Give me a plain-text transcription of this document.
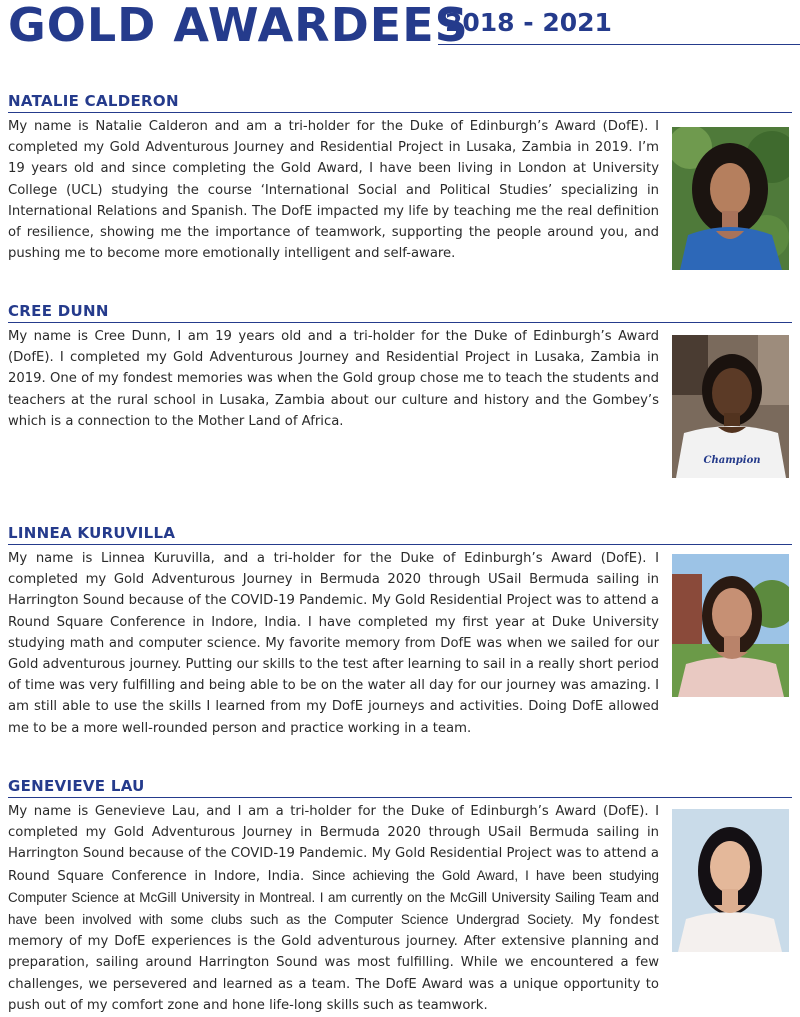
GOLD AWARDEES
2018 - 2021
NATALIE CALDERON

My name is Natalie Calderon and am a tri-holder for the Duke of Edinburgh’s Award (DofE). I completed my Gold Adventurous Journey and Residential Project in Lusaka, Zambia in 2019. I’m 19 years old and since completing the Gold Award, I have been living in London at University College (UCL) studying the course ‘International Social and Political Studies’ specializing in International Relations and Spanish. The DofE impacted my life by teaching me the real definition of resilience, showing me the importance of teamwork, supporting the people around you, and pushing me to become more emotionally intelligent and self-aware.

CREE DUNN

My name is Cree Dunn, I am 19 years old and a tri-holder for the Duke of Edinburgh’s Award (DofE). I completed my Gold Adventurous Journey and Residential Project in Lusaka, Zambia in 2019. One of my fondest memories was when the Gold group chose me to teach the students and teachers at the rural school in Lusaka, Zambia about our culture and history and the Gombey’s which is a connection to the Mother Land of Africa.

Champion
LINNEA KURUVILLA

My name is Linnea Kuruvilla, and a tri-holder for the Duke of Edinburgh’s Award (DofE). I completed my Gold Adventurous Journey in Bermuda 2020 through USail Bermuda sailing in Harrington Sound because of the COVID-19 Pandemic. My Gold Residential Project was to attend a Round Square Conference in Indore, India. I have completed my first year at Duke University studying math and computer science. My favorite memory from DofE was when we sailed for our Gold adventurous journey. Putting our skills to the test after learning to sail in a really short period of time was very fulfilling and being able to be on the water all day for our journey was amazing. I am still able to use the skills I learned from my DofE journeys and activities. Doing DofE allowed me to be a more well-rounded person and practice working in a team.

GENEVIEVE LAU

My name is Genevieve Lau, and I am a tri-holder for the Duke of Edinburgh’s Award (DofE). I completed my Gold Adventurous Journey in Bermuda 2020 through USail Bermuda sailing in Harrington Sound because of the COVID-19 Pandemic. My Gold Residential Project was to attend a Round Square Conference in Indore, India. Since achieving the Gold Award, I have been studying Computer Science at McGill University in Montreal. I am currently on the McGill University Sailing Team and have been involved with some clubs such as the Computer Science Undergrad Society. My fondest memory of my DofE experiences is the Gold adventurous journey. After extensive planning and preparation, sailing around Harrington Sound was most fulfilling. While we encountered a few challenges, we persevered and learned as a team. The DofE Award was a unique opportunity to push out of my comfort zone and hone life-long skills such as teamwork.
